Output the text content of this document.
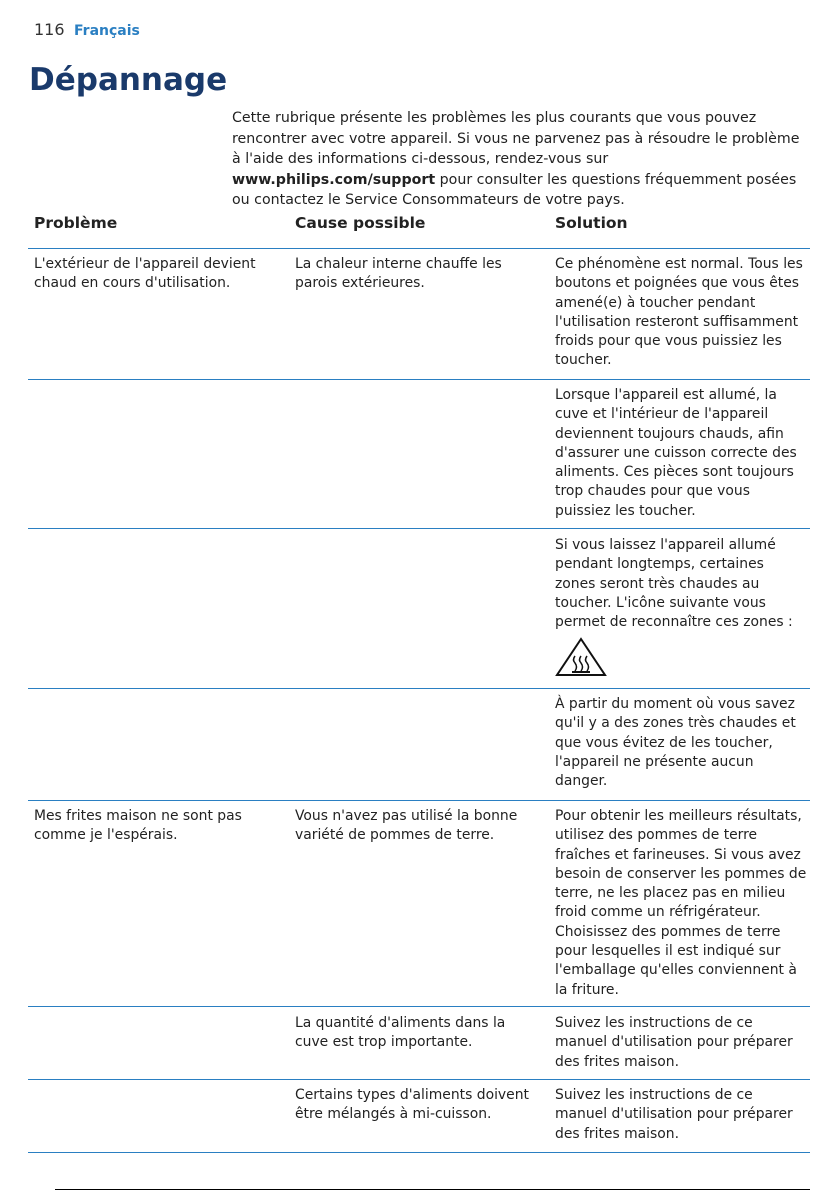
116 Français
Dépannage
Cette rubrique présente les problèmes les plus courants que vous pouvez rencontrer avec votre appareil. Si vous ne parvenez pas à résoudre le problème à l'aide des informations ci-dessous, rendez-vous sur www.philips.com/support pour consulter les questions fréquemment posées ou contactez le Service Consommateurs de votre pays.
Problème	Cause possible	Solution
L'extérieur de l'appareil devient chaud en cours d'utilisation.
La chaleur interne chauffe les parois extérieures.
Ce phénomène est normal. Tous les boutons et poignées que vous êtes amené(e) à toucher pendant l'utilisation resteront suffisamment froids pour que vous puissiez les toucher.
Lorsque l'appareil est allumé, la cuve et l'intérieur de l'appareil deviennent toujours chauds, afin d'assurer une cuisson correcte des aliments. Ces pièces sont toujours trop chaudes pour que vous puissiez les toucher.
Si vous laissez l'appareil allumé pendant longtemps, certaines zones seront très chaudes au toucher. L'icône suivante vous permet de reconnaître ces zones :
À partir du moment où vous savez qu'il y a des zones très chaudes et que vous évitez de les toucher, l'appareil ne présente aucun danger.
Mes frites maison ne sont pas comme je l'espérais.
Vous n'avez pas utilisé la bonne variété de pommes de terre.
Pour obtenir les meilleurs résultats, utilisez des pommes de terre fraîches et farineuses. Si vous avez besoin de conserver les pommes de terre, ne les placez pas en milieu froid comme un réfrigérateur. Choisissez des pommes de terre pour lesquelles il est indiqué sur l'emballage qu'elles conviennent à la friture.
La quantité d'aliments dans la cuve est trop importante.
Suivez les instructions de ce manuel d'utilisation pour préparer des frites maison.
Certains types d'aliments doivent être mélangés à mi-cuisson.
Suivez les instructions de ce manuel d'utilisation pour préparer des frites maison.
